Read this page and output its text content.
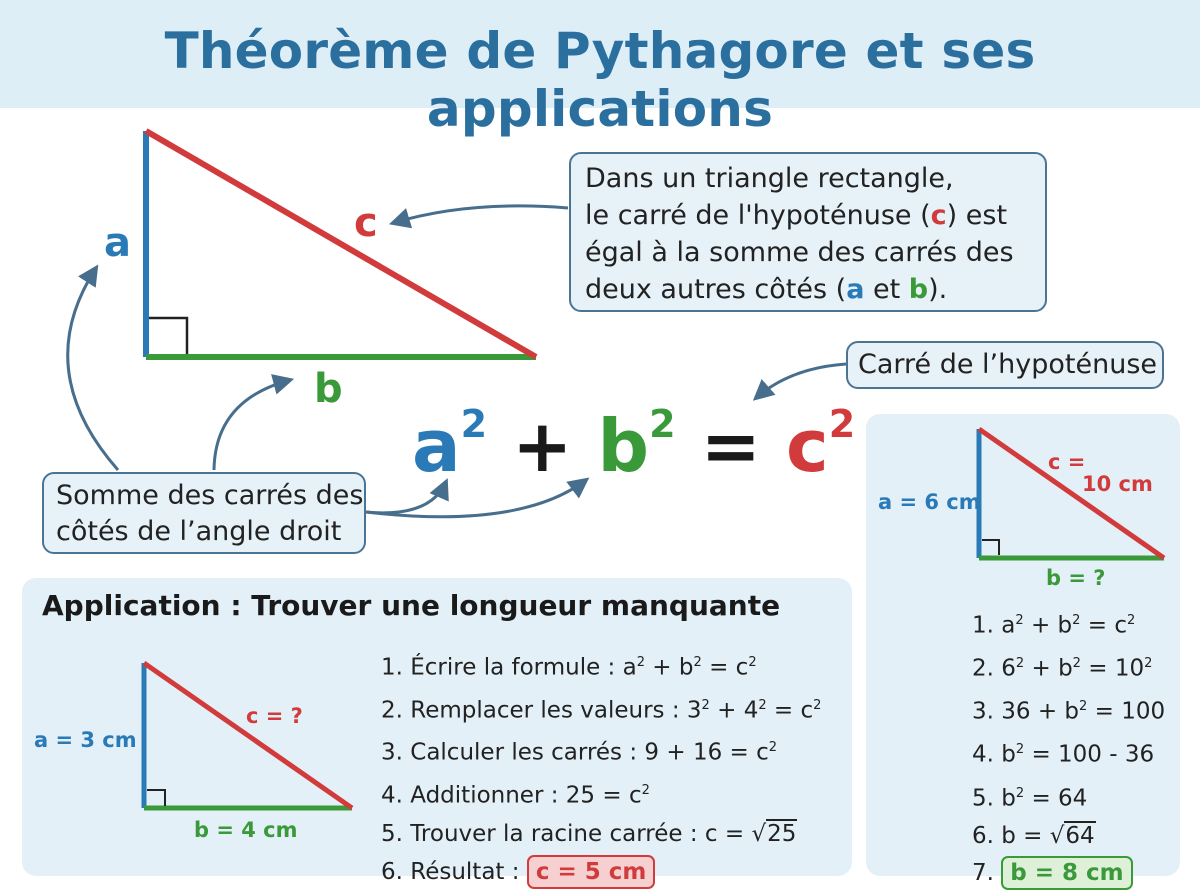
Théorème de Pythagore et ses applications
a
b
c
Dans un triangle rectangle,
le carré de l'hypoténuse (c) est
égal à la somme des carrés des
deux autres côtés (a et b).
Carré de l’hypoténuse
Somme des carrés des
côtés de l’angle droit
$a^2 + b^2 = c^2$
Application : Trouver une longueur manquante
a = 3 cm
b = 4 cm
c = ?
1. Écrire la formule : $a^2 + b^2 = c^2$
2. Remplacer les valeurs : $3^2 + 4^2 = c^2$
3. Calculer les carrés : $9 + 16 = c^2$
4. Additionner : $25 = c^2$
5. Trouver la racine carrée : c = √25
6. Résultat : c = 5 cm
a = 6 cm
c =
10 cm
b = ?
1. $a^2 + b^2 = c^2$
2. $6^2 + b^2 = 10^2$
3. $36 + b^2 = 100$
4. $b^2 = 100 - 36$
5. $b^2 = 64$
6. b = √64
7. b = 8 cm
